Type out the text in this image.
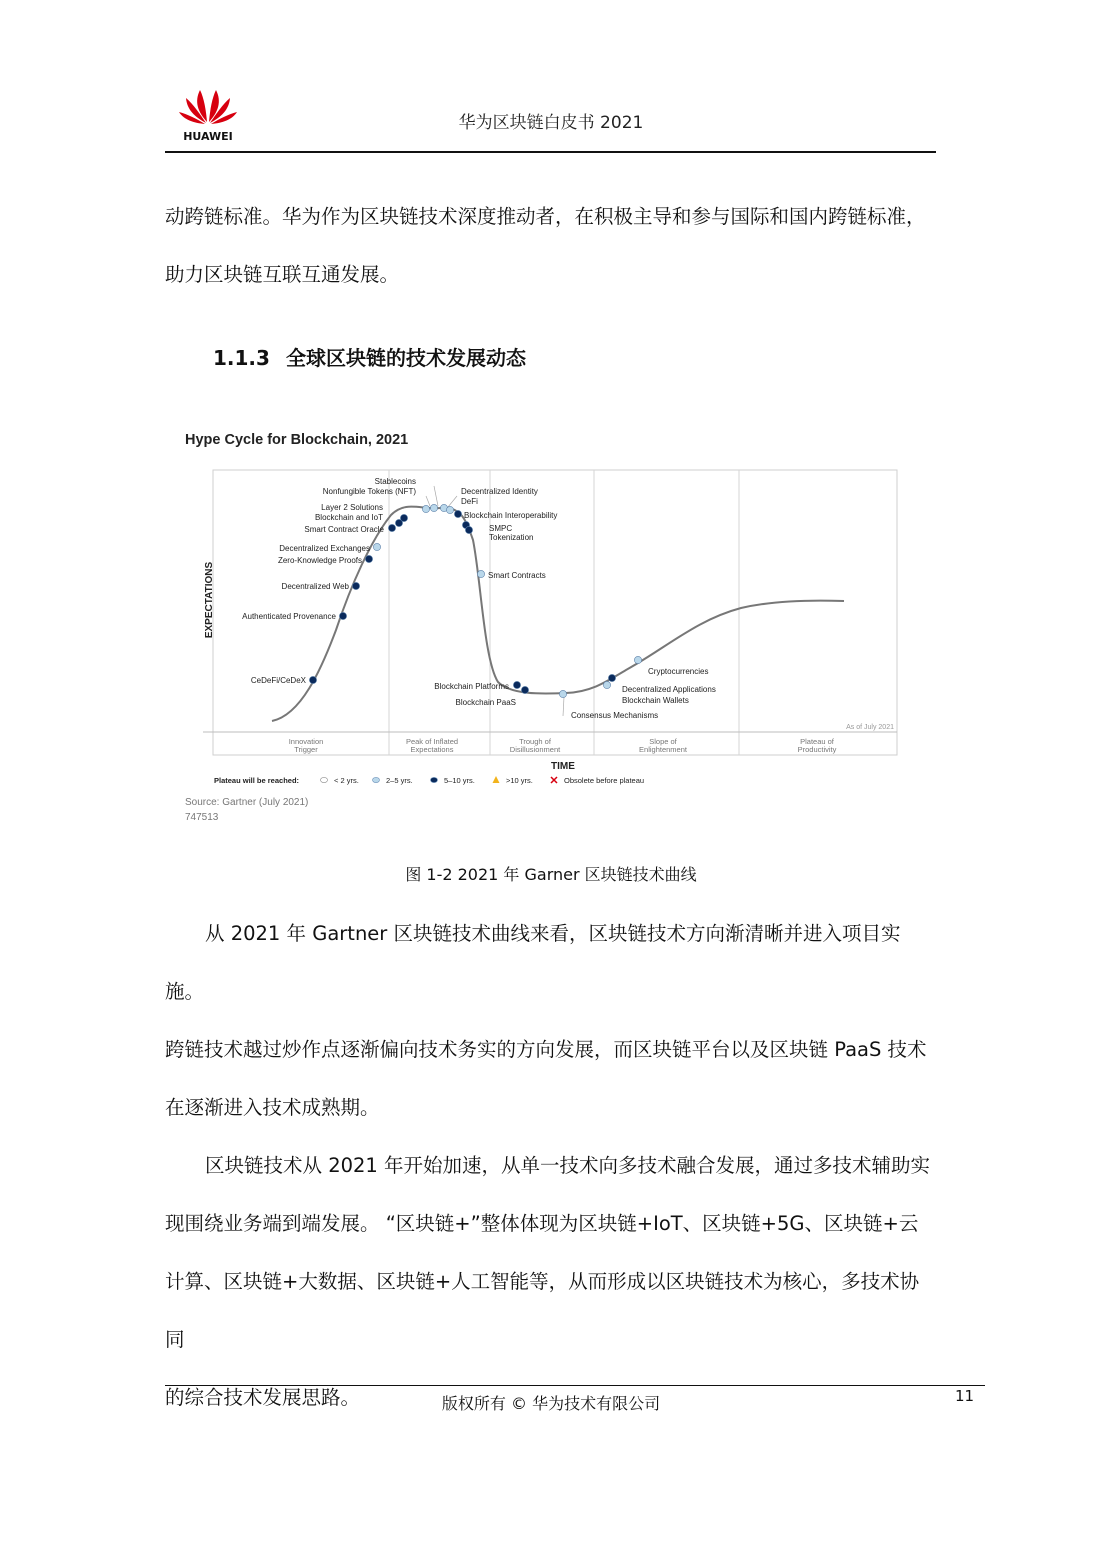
HUAWEI
华为区块链白皮书 2021

动跨链标准。华为作为区块链技术深度推动者，在积极主导和参与国际和国内跨链标准，

助力区块链互联互通发展。

1.1.3 全球区块链的技术发展动态
Hype Cycle for Blockchain, 2021
EXPECTATIONS
CeDeFi/CeDeX
Authenticated Provenance
Decentralized Web
Zero-Knowledge Proofs
Decentralized Exchanges
Smart Contract Oracle
Blockchain and IoT
Layer 2 Solutions
Nonfungible Tokens (NFT)
Stablecoins
Decentralized Identity
DeFi
Blockchain Interoperability
SMPC
Tokenization
Smart Contracts
Blockchain Platforms
Blockchain PaaS
Consensus Mechanisms
Decentralized Applications
Blockchain Wallets
Cryptocurrencies
Innovation
Trigger
Peak of Inflated
Expectations
Trough of
Disillusionment
Slope of
Enlightenment
Plateau of
Productivity
As of July 2021
TIME
Plateau will be reached:	< 2 yrs.	2–5 yrs.	5–10 yrs.	>10 yrs.	Obsolete before plateau
Source: Gartner (July 2021)
747513
图 1-2 2021 年 Garner 区块链技术曲线

从 2021 年 Gartner 区块链技术曲线来看，区块链技术方向渐清晰并进入项目实施。

跨链技术越过炒作点逐渐偏向技术务实的方向发展，而区块链平台以及区块链 PaaS 技术

在逐渐进入技术成熟期。

区块链技术从 2021 年开始加速，从单一技术向多技术融合发展，通过多技术辅助实

现围绕业务端到端发展。 “区块链+”整体体现为区块链+IoT、区块链+5G、区块链+云

计算、区块链+大数据、区块链+人工智能等，从而形成以区块链技术为核心，多技术协同

的综合技术发展思路。	版权所有 © 华为技术有限公司	11
